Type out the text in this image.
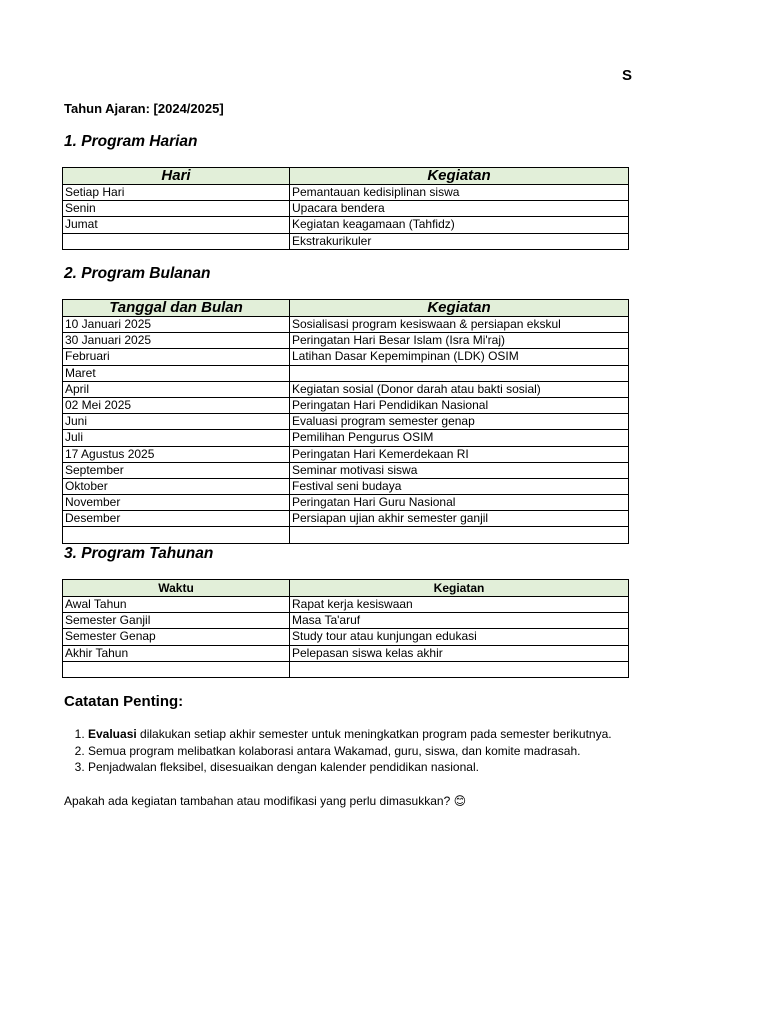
S
Tahun Ajaran: [2024/2025]
1. Program Harian
Hari	Kegiatan
Setiap Hari	Pemantauan kedisiplinan siswa
Senin	Upacara bendera
Jumat	Kegiatan keagamaan (Tahfidz)
	Ekstrakurikuler
2. Program Bulanan
Tanggal dan Bulan	Kegiatan
10 Januari 2025	Sosialisasi program kesiswaan & persiapan ekskul
30 Januari 2025	Peringatan Hari Besar Islam (Isra Mi'raj)
Februari	Latihan Dasar Kepemimpinan (LDK) OSIM
Maret	
April	Kegiatan sosial (Donor darah atau bakti sosial)
02 Mei 2025	Peringatan Hari Pendidikan Nasional
Juni	Evaluasi program semester genap
Juli	Pemilihan Pengurus OSIM
17 Agustus 2025	Peringatan Hari Kemerdekaan RI
September	Seminar motivasi siswa
Oktober	Festival seni budaya
November	Peringatan Hari Guru Nasional
Desember	Persiapan ujian akhir semester ganjil

3. Program Tahunan
Waktu	Kegiatan
Awal Tahun	Rapat kerja kesiswaan
Semester Ganjil	Masa Ta'aruf
Semester Genap	Study tour atau kunjungan edukasi
Akhir Tahun	Pelepasan siswa kelas akhir

Catatan Penting:
1. Evaluasi dilakukan setiap akhir semester untuk meningkatkan program pada semester berikutnya.
2. Semua program melibatkan kolaborasi antara Wakamad, guru, siswa, dan komite madrasah.
3. Penjadwalan fleksibel, disesuaikan dengan kalender pendidikan nasional.
Apakah ada kegiatan tambahan atau modifikasi yang perlu dimasukkan? 😊
